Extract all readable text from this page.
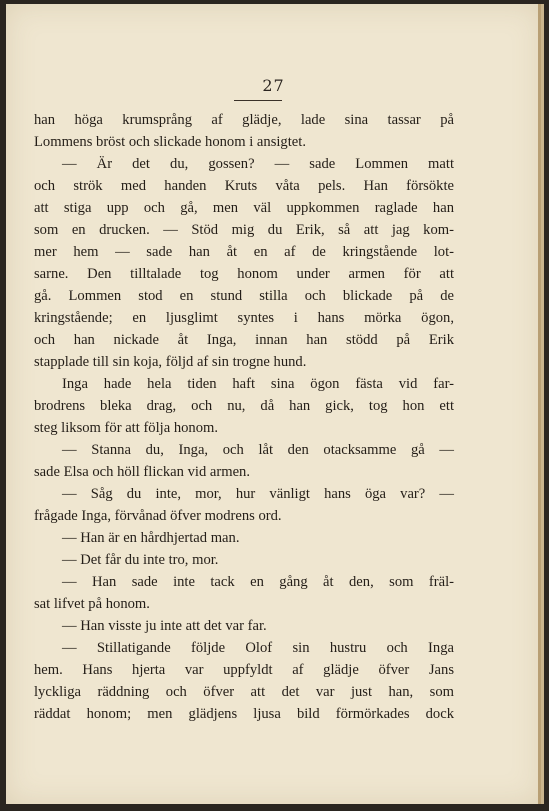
27
han höga krumsprång af glädje, lade sina tassar på
Lommens bröst och slickade honom i ansigtet.
— Är det du, gossen? — sade Lommen matt
och strök med handen Kruts våta pels. Han försökte
att stiga upp och gå, men väl uppkommen raglade han
som en drucken. — Stöd mig du Erik, så att jag kom-
mer hem — sade han åt en af de kringstående lot-
sarne. Den tilltalade tog honom under armen för att
gå. Lommen stod en stund stilla och blickade på de
kringstående; en ljusglimt syntes i hans mörka ögon,
och han nickade åt Inga, innan han stödd på Erik
stapplade till sin koja, följd af sin trogne hund.
Inga hade hela tiden haft sina ögon fästa vid far-
brodrens bleka drag, och nu, då han gick, tog hon ett
steg liksom för att följa honom.
— Stanna du, Inga, och låt den otacksamme gå —
sade Elsa och höll flickan vid armen.
— Såg du inte, mor, hur vänligt hans öga var? —
frågade Inga, förvånad öfver modrens ord.
— Han är en hårdhjertad man.
— Det får du inte tro, mor.
— Han sade inte tack en gång åt den, som fräl-
sat lifvet på honom.
— Han visste ju inte att det var far.
— Stillatigande följde Olof sin hustru och Inga
hem. Hans hjerta var uppfyldt af glädje öfver Jans
lyckliga räddning och öfver att det var just han, som
räddat honom; men glädjens ljusa bild förmörkades dock
